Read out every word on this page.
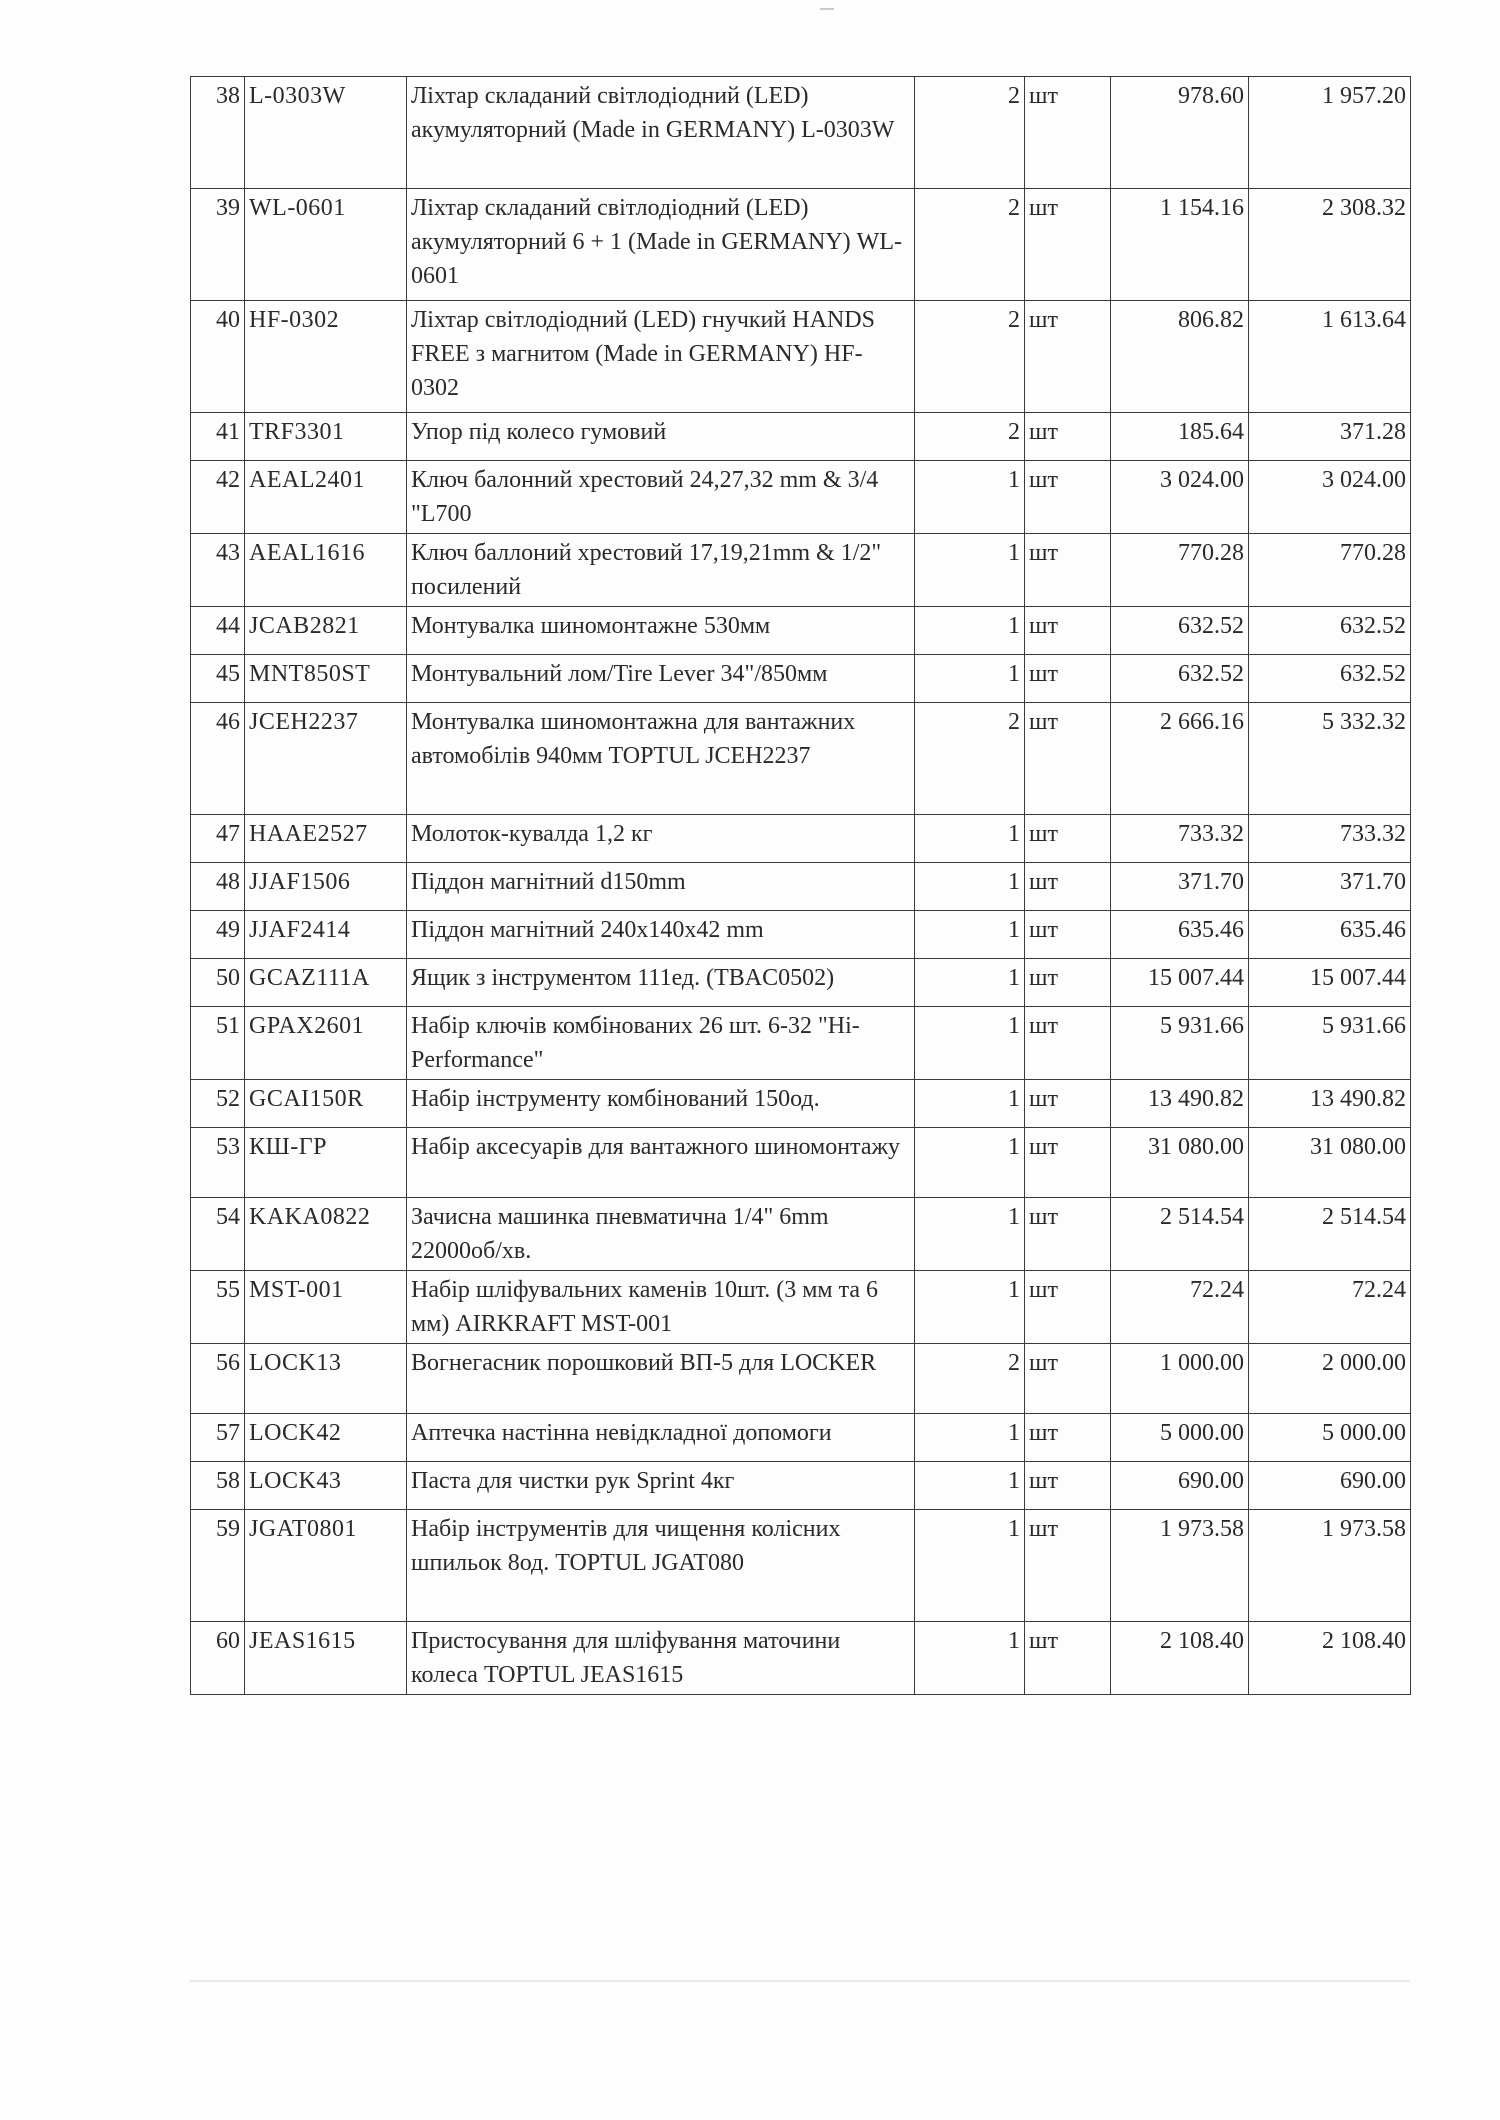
38	L-0303W	Ліхтар складаний світлодіодний (LED) акумуляторний (Made in GERMANY) L-0303W	2	шт	978.60	1 957.20
39	WL-0601	Ліхтар складаний світлодіодний (LED) акумуляторний 6 + 1 (Made in GERMANY) WL-0601	2	шт	1 154.16	2 308.32
40	HF-0302	Ліхтар світлодіодний (LED) гнучкий HANDS FREE з магнитом (Made in GERMANY) HF-0302	2	шт	806.82	1 613.64
41	TRF3301	Упор під колесо гумовий	2	шт	185.64	371.28
42	AEAL2401	Ключ балонний хрестовий 24,27,32 mm & 3/4 "L700	1	шт	3 024.00	3 024.00
43	AEAL1616	Ключ баллоний хрестовий 17,19,21mm & 1/2" посилений	1	шт	770.28	770.28
44	JCAB2821	Монтувалка шиномонтажне 530мм	1	шт	632.52	632.52
45	MNT850ST	Монтувальний лом/Tire Lever 34"/850мм	1	шт	632.52	632.52
46	JCEH2237	Монтувалка шиномонтажна для вантажних автомобілів 940мм TOPTUL JCEH2237	2	шт	2 666.16	5 332.32
47	HAAE2527	Молоток-кувалда 1,2 кг	1	шт	733.32	733.32
48	JJAF1506	Піддон магнітний d150mm	1	шт	371.70	371.70
49	JJAF2414	Піддон магнітний 240x140x42 mm	1	шт	635.46	635.46
50	GCAZ111A	Ящик з інструментом 111ед. (TBAC0502)	1	шт	15 007.44	15 007.44
51	GPAX2601	Набір ключів комбінованих 26 шт. 6-32 "Hi-Performance"	1	шт	5 931.66	5 931.66
52	GCAI150R	Набір інструменту комбінований 150од.	1	шт	13 490.82	13 490.82
53	КШ-ГР	Набір аксесуарів для вантажного шиномонтажу	1	шт	31 080.00	31 080.00
54	KAKA0822	Зачисна машинка пневматична 1/4" 6mm 22000об/хв.	1	шт	2 514.54	2 514.54
55	MST-001	Набір шліфувальних каменів 10шт. (3 мм та 6 мм) AIRKRAFT MST-001	1	шт	72.24	72.24
56	LOCK13	Вогнегасник порошковий ВП-5 для LOCKER	2	шт	1 000.00	2 000.00
57	LOCK42	Аптечка настінна невідкладної допомоги	1	шт	5 000.00	5 000.00
58	LOCK43	Паста для чистки рук Sprint 4кг	1	шт	690.00	690.00
59	JGAT0801	Набір інструментів для чищення колісних шпильок 8од. TOPTUL JGAT080	1	шт	1 973.58	1 973.58
60	JEAS1615	Пристосування для шліфування маточини колеса TOPTUL JEAS1615	1	шт	2 108.40	2 108.40
